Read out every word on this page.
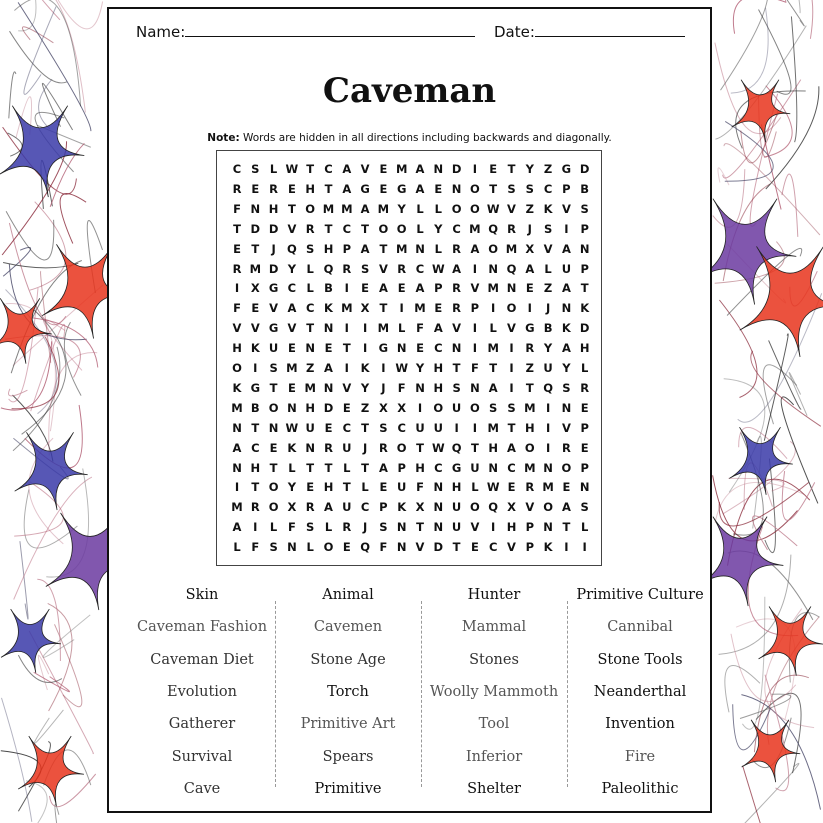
Name:	Date:
Caveman
Note: Words are hidden in all directions including backwards and diagonally.
C S L W T C A V E M A N D I	E T Y Z G D
R E R E H T A G E G A E N O T S S C P B
F N H T O M M A M Y L L O O W V Z K V S
T D D V R T C T O O L Y C M Q R	J	S	I	P
E T	J Q S H P A T M N L R A O M X V A N
R M D Y L Q R S V R C W A	I N Q A L U P
I	X G C L B	I	E A E A P R V M N E Z A T
F E V A C K M X T	I M E R P	I O I	J N K
V V G V T N I	I M L F A V	I	L V G B K D
H K U E N E T	I G N E C N I M I	R Y A H
O I	S M Z A	I	K	I W Y H T F T	I	Z U Y L
K G T E M N V Y	J	F N H S N A	I	T Q S R
M B O N H D E Z X X	I O U O S S M I N E
N T N W U E C T S C U U I	I M T H I	V P
A C E K N R U J	R O T W Q T H A O I	R E
N H T L T T L T A P H C G U N C M N O P
I	T O Y E H T L E U F N H L W E R M E N
M R O X R A U C P K X N U O Q X V O A S
A	I	L F S L R	J	S N T N U V	I H P N T L
L F S N L O E Q F N V D T E C V P K	I	I
Skin
Caveman Fashion
Caveman Diet
Evolution
Gatherer
Survival
Cave
Animal
Cavemen
Stone Age
Torch
Primitive Art
Spears
Primitive
Hunter
Mammal
Stones
Woolly Mammoth
Tool
Inferior
Shelter
Primitive Culture
Cannibal
Stone Tools
Neanderthal
Invention
Fire
Paleolithic
